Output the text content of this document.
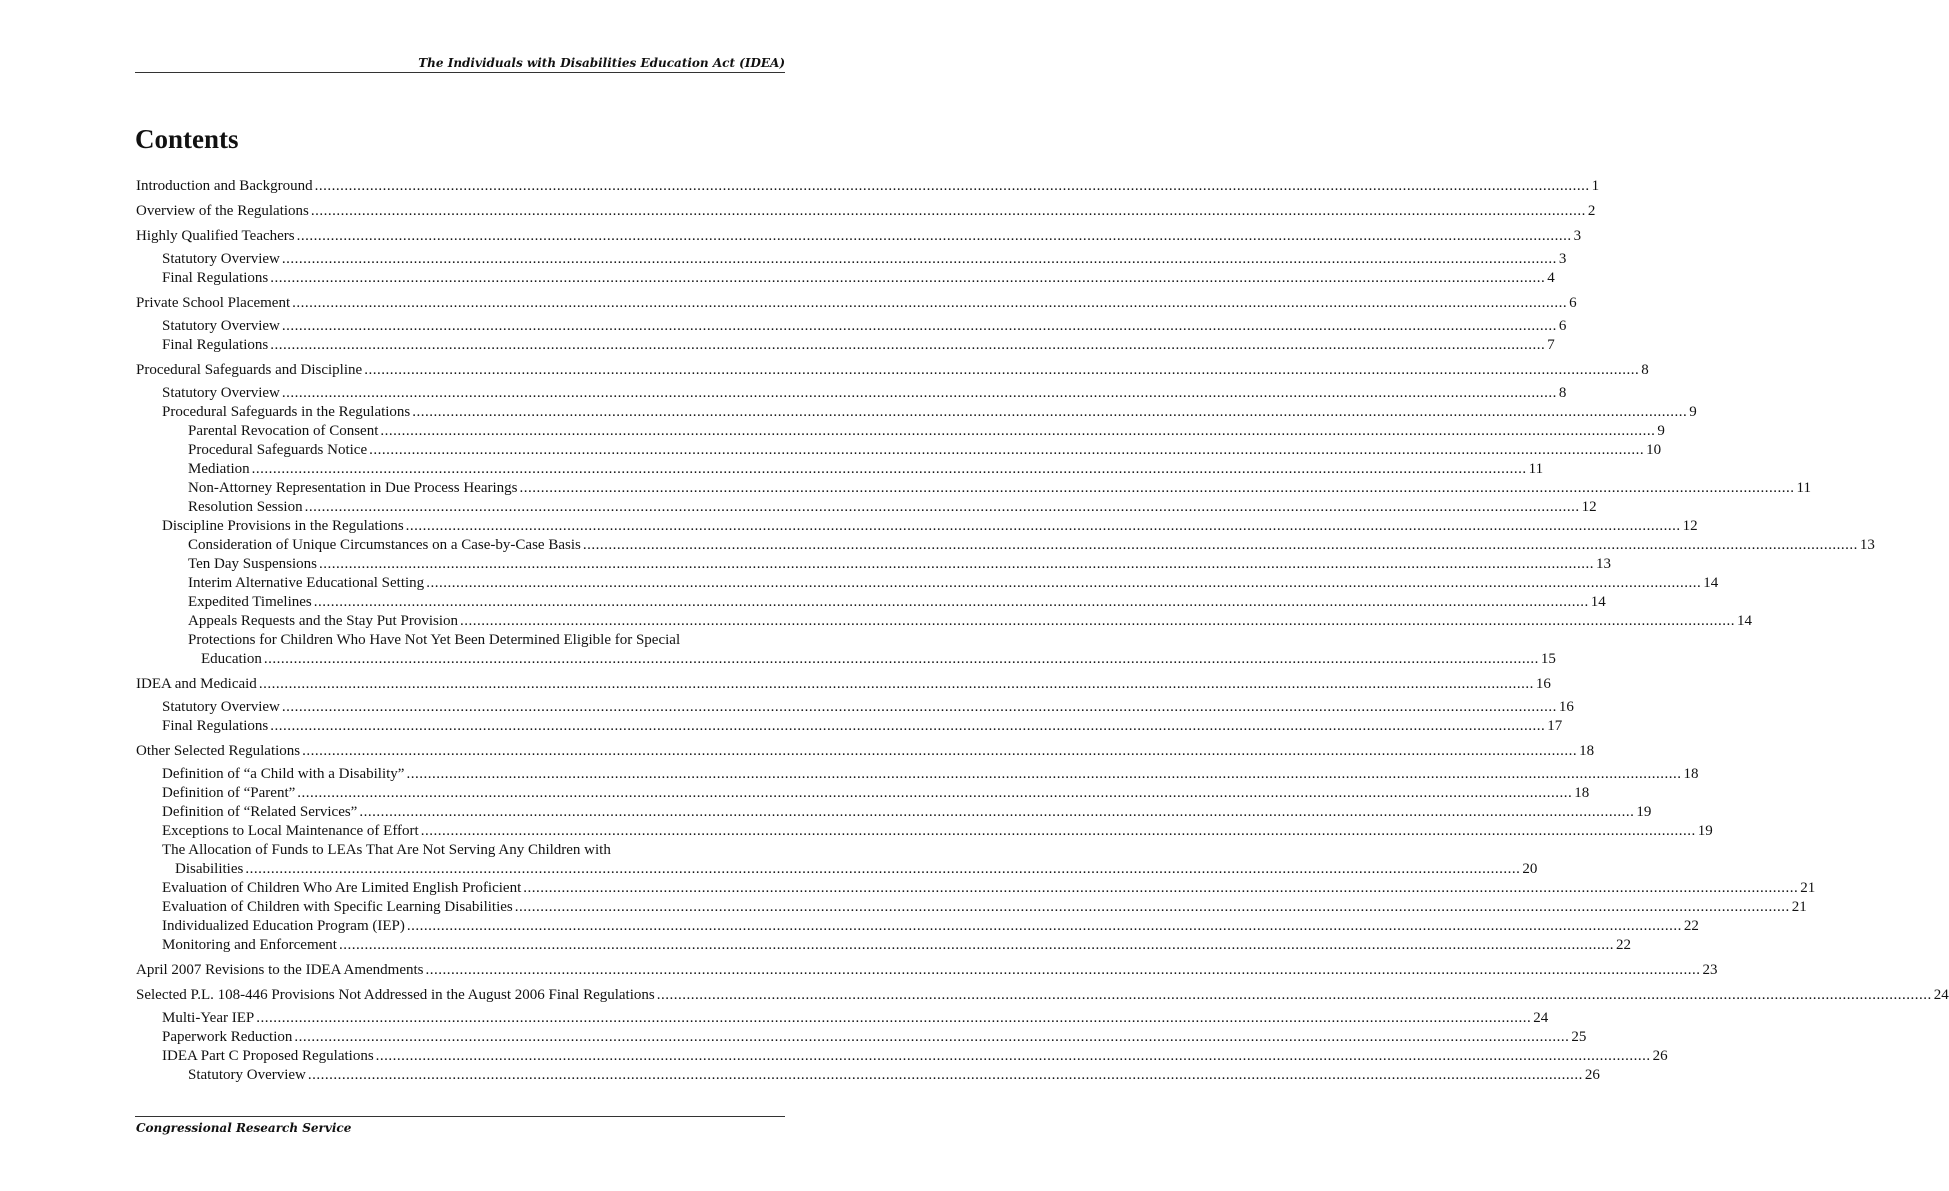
The Individuals with Disabilities Education Act (IDEA)
Contents
Introduction and Background ............................................................................................................................................................................................................................................................................................................ 1
Overview of the Regulations ............................................................................................................................................................................................................................................................................................................ 2
Highly Qualified Teachers ............................................................................................................................................................................................................................................................................................................ 3
Statutory Overview ............................................................................................................................................................................................................................................................................................................ 3
Final Regulations ............................................................................................................................................................................................................................................................................................................ 4
Private School Placement ............................................................................................................................................................................................................................................................................................................ 6
Statutory Overview ............................................................................................................................................................................................................................................................................................................ 6
Final Regulations ............................................................................................................................................................................................................................................................................................................ 7
Procedural Safeguards and Discipline ............................................................................................................................................................................................................................................................................................................ 8
Statutory Overview ............................................................................................................................................................................................................................................................................................................ 8
Procedural Safeguards in the Regulations ............................................................................................................................................................................................................................................................................................................ 9
Parental Revocation of Consent ............................................................................................................................................................................................................................................................................................................ 9
Procedural Safeguards Notice ............................................................................................................................................................................................................................................................................................................ 10
Mediation ............................................................................................................................................................................................................................................................................................................ 11
Non-Attorney Representation in Due Process Hearings ............................................................................................................................................................................................................................................................................................................ 11
Resolution Session ............................................................................................................................................................................................................................................................................................................ 12
Discipline Provisions in the Regulations ............................................................................................................................................................................................................................................................................................................ 12
Consideration of Unique Circumstances on a Case-by-Case Basis ............................................................................................................................................................................................................................................................................................................ 13
Ten Day Suspensions ............................................................................................................................................................................................................................................................................................................ 13
Interim Alternative Educational Setting ............................................................................................................................................................................................................................................................................................................ 14
Expedited Timelines ............................................................................................................................................................................................................................................................................................................ 14
Appeals Requests and the Stay Put Provision ............................................................................................................................................................................................................................................................................................................ 14
Protections for Children Who Have Not Yet Been Determined Eligible for Special
Education ............................................................................................................................................................................................................................................................................................................ 15
IDEA and Medicaid ............................................................................................................................................................................................................................................................................................................ 16
Statutory Overview ............................................................................................................................................................................................................................................................................................................ 16
Final Regulations ............................................................................................................................................................................................................................................................................................................ 17
Other Selected Regulations ............................................................................................................................................................................................................................................................................................................ 18
Definition of “a Child with a Disability” ............................................................................................................................................................................................................................................................................................................ 18
Definition of “Parent” ............................................................................................................................................................................................................................................................................................................ 18
Definition of “Related Services” ............................................................................................................................................................................................................................................................................................................ 19
Exceptions to Local Maintenance of Effort ............................................................................................................................................................................................................................................................................................................ 19
The Allocation of Funds to LEAs That Are Not Serving Any Children with
Disabilities ............................................................................................................................................................................................................................................................................................................ 20
Evaluation of Children Who Are Limited English Proficient ............................................................................................................................................................................................................................................................................................................ 21
Evaluation of Children with Specific Learning Disabilities ............................................................................................................................................................................................................................................................................................................ 21
Individualized Education Program (IEP) ............................................................................................................................................................................................................................................................................................................ 22
Monitoring and Enforcement ............................................................................................................................................................................................................................................................................................................ 22
April 2007 Revisions to the IDEA Amendments ............................................................................................................................................................................................................................................................................................................ 23
Selected P.L. 108-446 Provisions Not Addressed in the August 2006 Final Regulations ............................................................................................................................................................................................................................................................................................................ 24
Multi-Year IEP ............................................................................................................................................................................................................................................................................................................ 24
Paperwork Reduction ............................................................................................................................................................................................................................................................................................................ 25
IDEA Part C Proposed Regulations ............................................................................................................................................................................................................................................................................................................ 26
Statutory Overview ............................................................................................................................................................................................................................................................................................................ 26
Congressional Research Service
